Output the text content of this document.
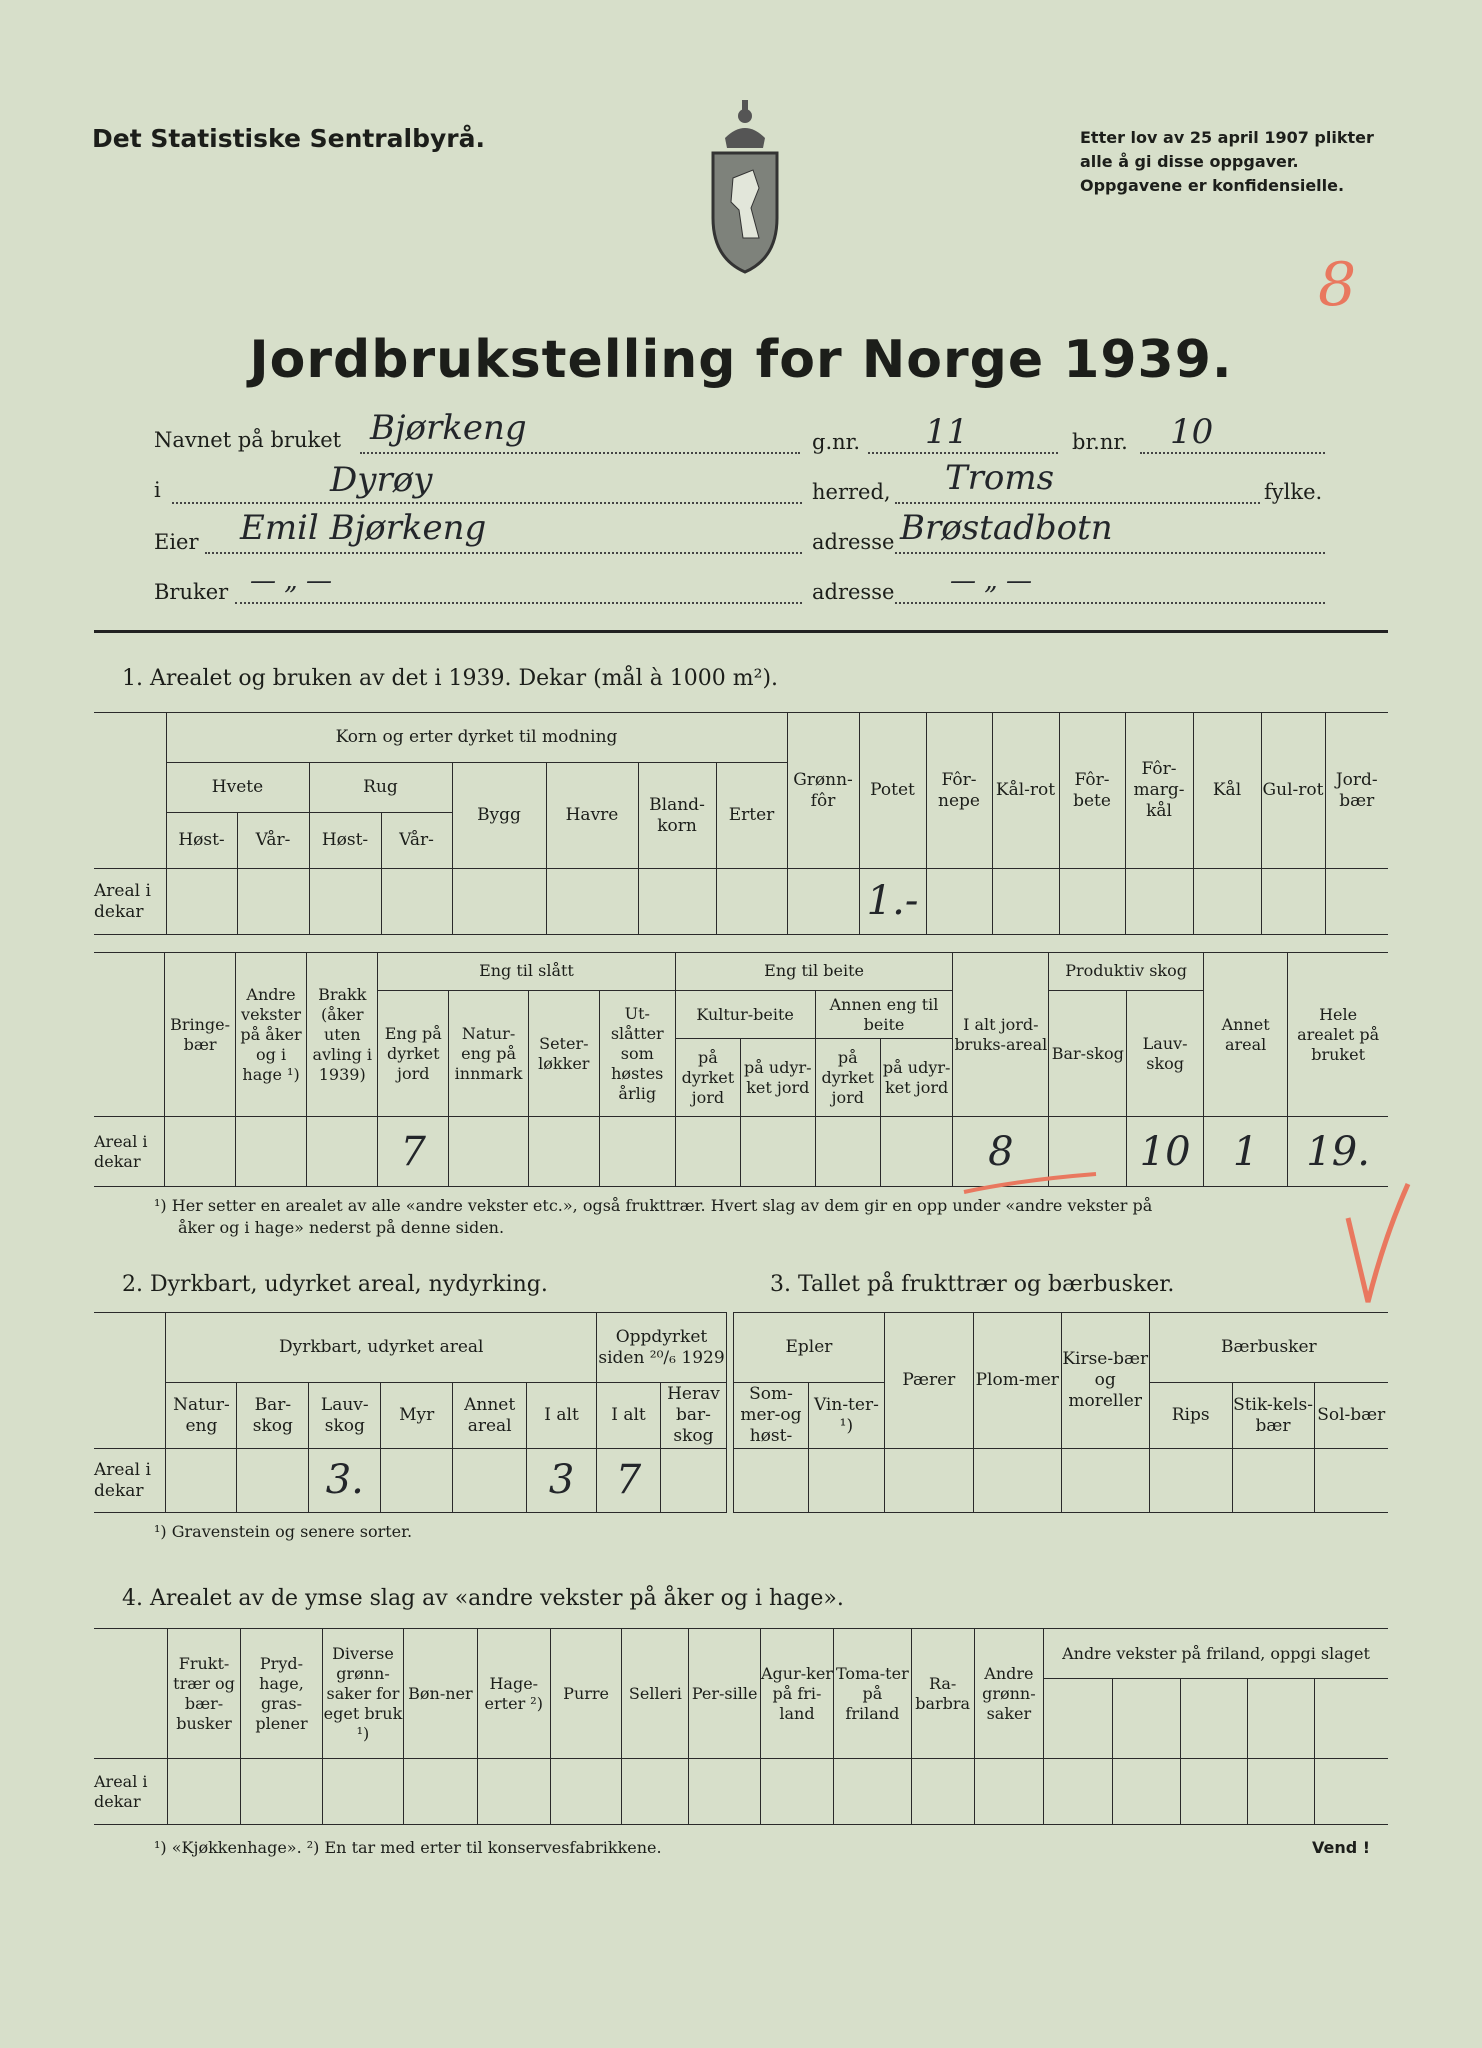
Det Statistiske Sentralbyrå.	Etter lov av 25 april 1907 plikter
alle å gi disse oppgaver.
Oppgavene er konfidensielle.
8
Jordbrukstelling for Norge 1939.
Navnet på bruket Bjørkeng	g.nr. 11	br.nr. 10
i	Dyrøy	herred, Troms	fylke.
Eier Emil Bjørkeng	adresse Brøstadbotn
Bruker — „ —	adresse — „ —
1. Arealet og bruken av det i 1939. Dekar (mål à 1000 m²).
	Korn og erter dyrket til modning								Grønn-fôr	Potet	Fôr-nepe	Kål-rot	Fôr-bete	Fôr-marg-kål	Kål	Gul-rot	Jord-bær
	Hvete		Rug		Bygg	Havre	Bland-korn	Erter									
	Høst-	Vår-	Høst-	Vår-													
Areal i dekar										1.-							
	Bringe-bær	Andre vekster på åker og i hage ¹)	Brakk (åker uten avling i 1939)	Eng til slått				Eng til beite				I alt jord-bruks-areal	Produktiv skog		Annet areal	Hele arealet på bruket
				Eng på dyrket jord	Natur-eng på innmark	Seter-løkker	Ut-slåtter som høstes årlig	Kultur-beite		Annen eng til beite			Bar-skog	Lauv-skog		
								på dyrket jord	på udyr-ket jord	på dyrket jord	på udyr-ket jord					
Areal i dekar				7								8		10	1	19.
¹) Her setter en arealet av alle «andre vekster etc.», også frukttrær. Hvert slag av dem gir en opp under «andre vekster på
åker og i hage» nederst på denne siden.
2. Dyrkbart, udyrket areal, nydyrking.	3. Tallet på frukttrær og bærbusker.
	Dyrkbart, udyrket areal						Oppdyrket siden ²⁰/₆ 1929	
	Natur-eng	Bar-skog	Lauv-skog	Myr	Annet areal	I alt	I alt	Herav bar-skog
Areal i dekar			3.			3	7	
Epler		Pærer	Plom-mer	Kirse-bær og moreller	Bærbusker		
Som-mer-og høst-	Vin-ter-¹)				Rips	Stik-kels-bær	Sol-bær

¹) Gravenstein og senere sorter.
4. Arealet av de ymse slag av «andre vekster på åker og i hage».
	Frukt-trær og bær-busker	Pryd-hage, gras-plener	Diverse grønn-saker for eget bruk ¹)	Bøn-ner	Hage-erter ²)	Purre	Selleri	Per-sille	Agur-ker på fri-land	Toma-ter på friland	Ra-barbra	Andre grønn-saker	Andre vekster på friland, oppgi slaget				

Areal i dekar																	
¹) «Kjøkkenhage». ²) En tar med erter til konservesfabrikkene.	Vend !
